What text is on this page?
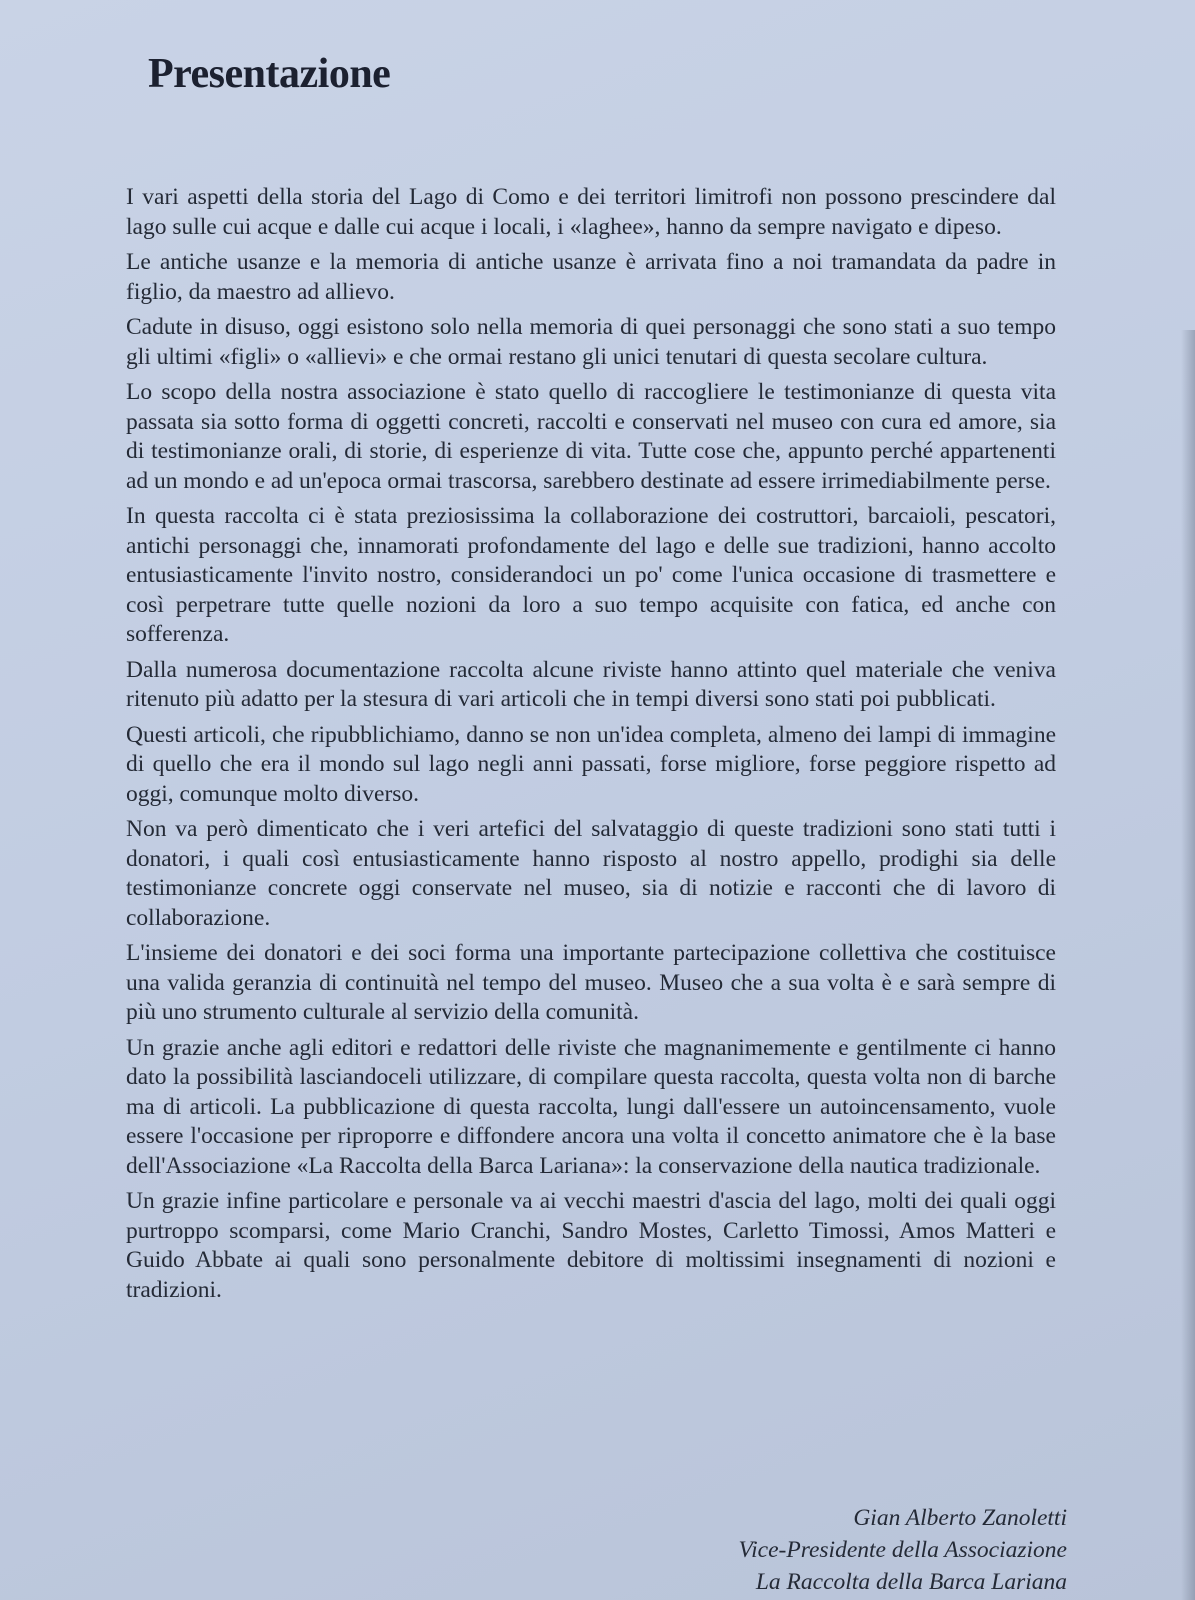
Presentazione

I vari aspetti della storia del Lago di Como e dei territori limitrofi non possono prescindere dal lago sulle cui acque e dalle cui acque i locali, i «laghee», hanno da sempre navigato e dipeso.

Le antiche usanze e la memoria di antiche usanze è arrivata fino a noi tramandata da padre in figlio, da maestro ad allievo.

Cadute in disuso, oggi esistono solo nella memoria di quei personaggi che sono stati a suo tempo gli ultimi «figli» o «allievi» e che ormai restano gli unici tenutari di questa secolare cultura.

Lo scopo della nostra associazione è stato quello di raccogliere le testimonianze di questa vita passata sia sotto forma di oggetti concreti, raccolti e conservati nel museo con cura ed amore, sia di testimonianze orali, di storie, di esperienze di vita. Tutte cose che, appunto perché appartenenti ad un mondo e ad un'epoca ormai trascorsa, sarebbero destinate ad essere irrimediabilmente perse.

In questa raccolta ci è stata preziosissima la collaborazione dei costruttori, barcaioli, pescatori, antichi personaggi che, innamorati profondamente del lago e delle sue tradizioni, hanno accolto entusiasticamente l'invito nostro, considerandoci un po' come l'unica occasione di trasmettere e così perpetrare tutte quelle nozioni da loro a suo tempo acquisite con fatica, ed anche con sofferenza.

Dalla numerosa documentazione raccolta alcune riviste hanno attinto quel materiale che veniva ritenuto più adatto per la stesura di vari articoli che in tempi diversi sono stati poi pubblicati.

Questi articoli, che ripubblichiamo, danno se non un'idea completa, almeno dei lampi di immagine di quello che era il mondo sul lago negli anni passati, forse migliore, forse peggiore rispetto ad oggi, comunque molto diverso.

Non va però dimenticato che i veri artefici del salvataggio di queste tradizioni sono stati tutti i donatori, i quali così entusiasticamente hanno risposto al nostro appello, prodighi sia delle testimonianze concrete oggi conservate nel museo, sia di notizie e racconti che di lavoro di collaborazione.

L'insieme dei donatori e dei soci forma una importante partecipazione collettiva che costituisce una valida geranzia di continuità nel tempo del museo. Museo che a sua volta è e sarà sempre di più uno strumento culturale al servizio della comunità.

Un grazie anche agli editori e redattori delle riviste che magnanimemente e gentilmente ci hanno dato la possibilità lasciandoceli utilizzare, di compilare questa raccolta, questa volta non di barche ma di articoli. La pubblicazione di questa raccolta, lungi dall'essere un autoincensamento, vuole essere l'occasione per riproporre e diffondere ancora una volta il concetto animatore che è la base dell'Associazione «La Raccolta della Barca Lariana»: la conservazione della nautica tradizionale.

Un grazie infine particolare e personale va ai vecchi maestri d'ascia del lago, molti dei quali oggi purtroppo scomparsi, come Mario Cranchi, Sandro Mostes, Carletto Timossi, Amos Matteri e Guido Abbate ai quali sono personalmente debitore di moltissimi insegnamenti di nozioni e tradizioni.

Gian Alberto Zanoletti
Vice-Presidente della Associazione
La Raccolta della Barca Lariana
